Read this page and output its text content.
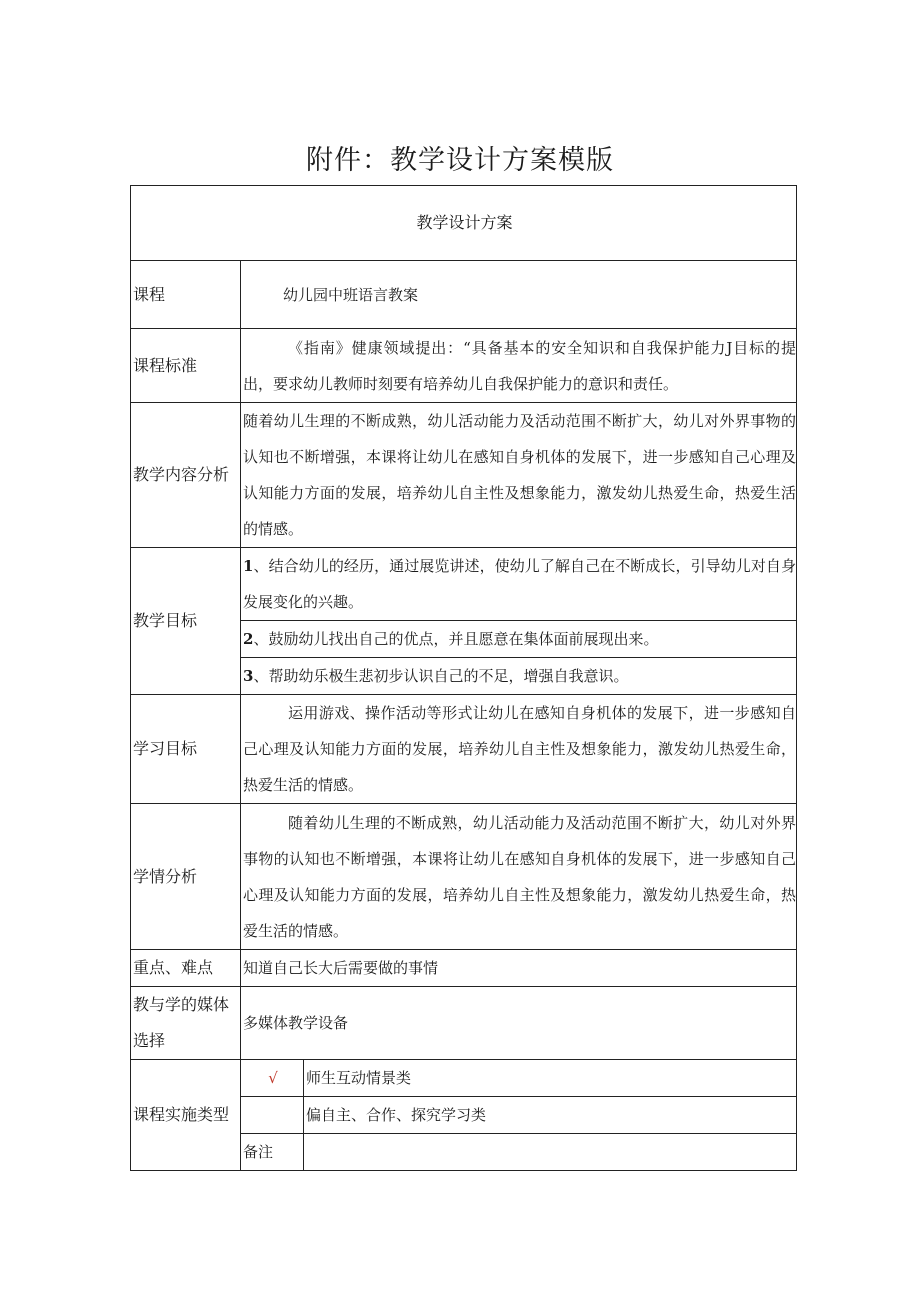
附件：教学设计方案模版
教学设计方案		
课程	幼儿园中班语言教案	

课程标准	《指南》健康领域提出：“具备基本的安全知识和自我保护能力J目标的提出，要求幼儿教师时刻要有培养幼儿自我保护能力的意识和责任。	

教学内容分析	随着幼儿生理的不断成熟，幼儿活动能力及活动范围不断扩大，幼儿对外界事物的认知也不断增强，本课将让幼儿在感知自身机体的发展下，进一步感知自己心理及认知能力方面的发展，培养幼儿自主性及想象能力，激发幼儿热爱生命，热爱生活的情感。	

教学目标	1、结合幼儿的经历，通过展览讲述，使幼儿了解自己在不断成长，引导幼儿对自身发展变化的兴趣。	

	2、鼓励幼儿找出自己的优点，并且愿意在集体面前展现出来。	
	3、帮助幼乐极生悲初步认识自己的不足，增强自我意识。	
学习目标	运用游戏、操作活动等形式让幼儿在感知自身机体的发展下，进一步感知自己心理及认知能力方面的发展，培养幼儿自主性及想象能力，激发幼儿热爱生命，热爱生活的情感。	

学情分析	随着幼儿生理的不断成熟，幼儿活动能力及活动范围不断扩大，幼儿对外界事物的认知也不断增强，本课将让幼儿在感知自身机体的发展下，进一步感知自己心理及认知能力方面的发展，培养幼儿自主性及想象能力，激发幼儿热爱生命，热爱生活的情感。	

重点、难点	知道自己长大后需要做的事情	
教与学的媒体选择	多媒体教学设备	
课程实施类型	√	师生互动情景类
		偏自主、合作、探究学习类
	备注	
